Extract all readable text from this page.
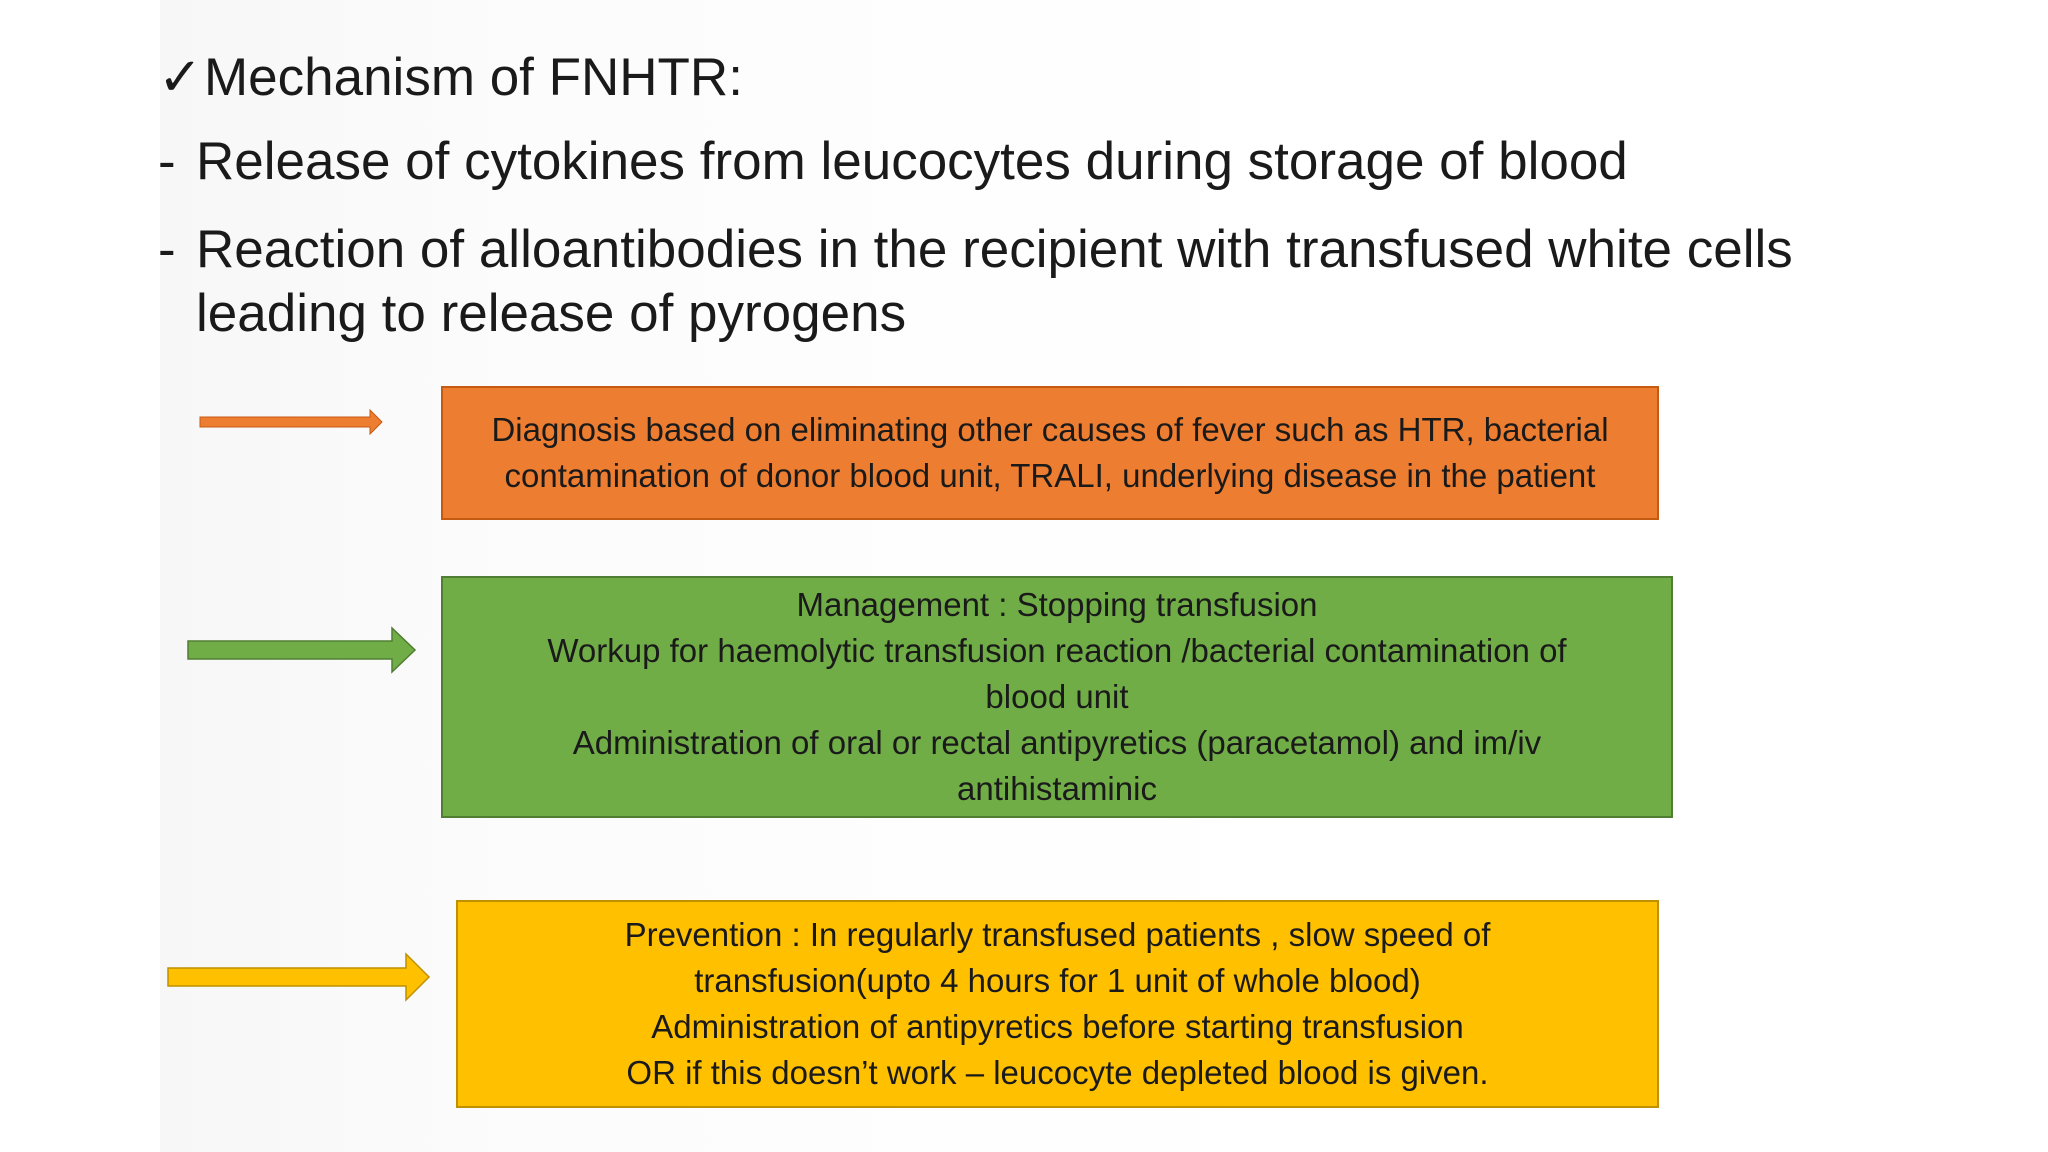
✓Mechanism of FNHTR:
- Release of cytokines from leucocytes during storage of blood
- Reaction of alloantibodies in the recipient with transfused white cells
leading to release of pyrogens
Diagnosis based on eliminating other causes of fever such as HTR, bacterial
contamination of donor blood unit, TRALI, underlying disease in the patient
Management : Stopping transfusion
Workup for haemolytic transfusion reaction /bacterial contamination of
blood unit
Administration of oral or rectal antipyretics (paracetamol) and im/iv
antihistaminic
Prevention : In regularly transfused patients , slow speed of
transfusion(upto 4 hours for 1 unit of whole blood)
Administration of antipyretics before starting transfusion
OR if this doesn’t work – leucocyte depleted blood is given.
